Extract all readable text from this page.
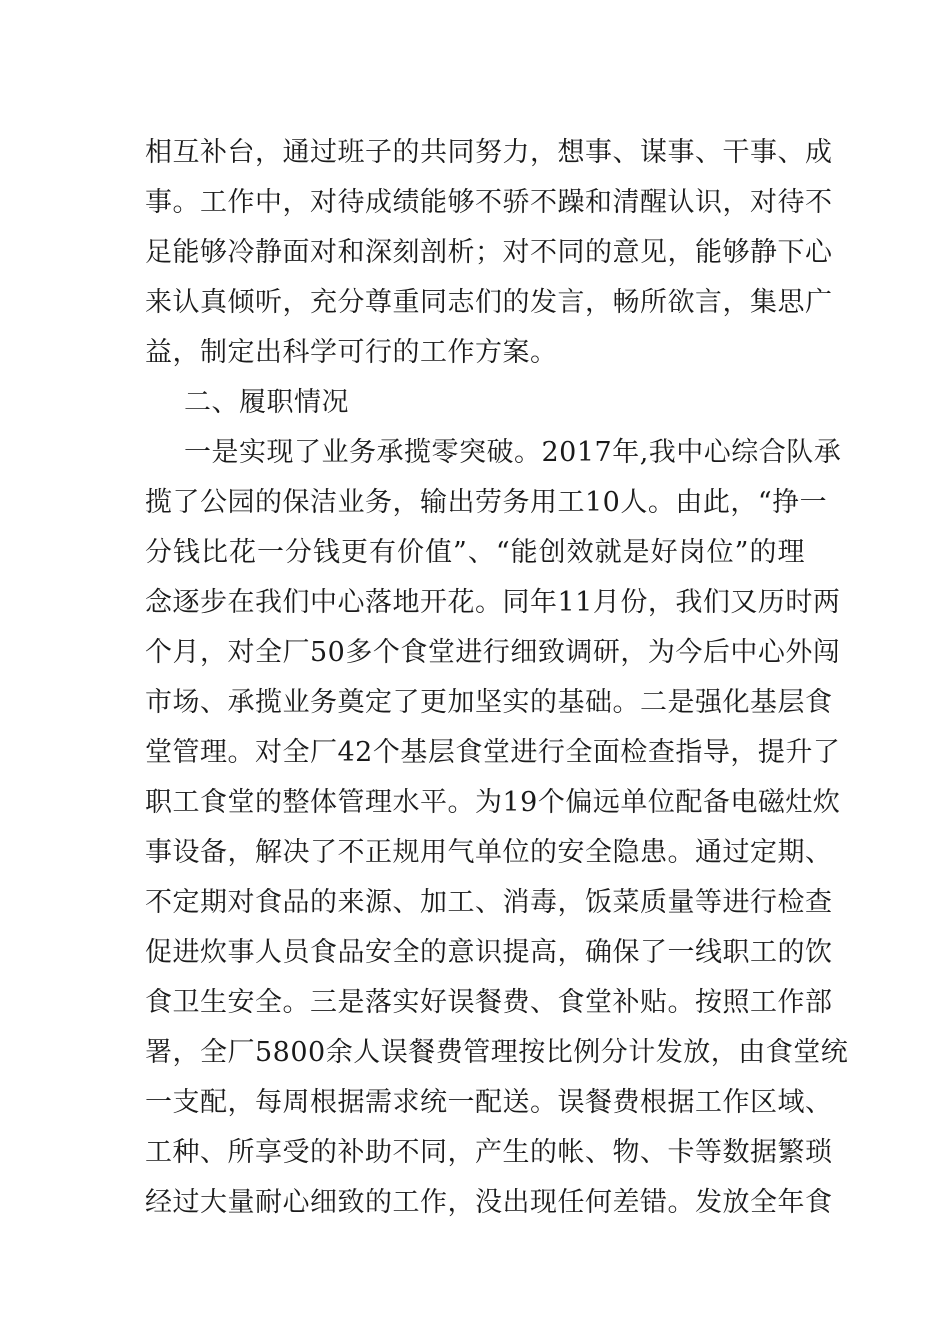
相互补台，通过班子的共同努力，想事、谋事、干事、成
事。工作中，对待成绩能够不骄不躁和清醒认识，对待不
足能够冷静面对和深刻剖析；对不同的意见，能够静下心
来认真倾听，充分尊重同志们的发言，畅所欲言，集思广
益，制定出科学可行的工作方案。
二、履职情况
一是实现了业务承揽零突破。2017年,我中心综合队承
揽了公园的保洁业务，输出劳务用工10人。由此，“挣一
分钱比花一分钱更有价值”、“能创效就是好岗位”的理
念逐步在我们中心落地开花。同年11月份，我们又历时两
个月，对全厂50多个食堂进行细致调研，为今后中心外闯
市场、承揽业务奠定了更加坚实的基础。二是强化基层食
堂管理。对全厂42个基层食堂进行全面检查指导，提升了
职工食堂的整体管理水平。为19个偏远单位配备电磁灶炊
事设备，解决了不正规用气单位的安全隐患。通过定期、
不定期对食品的来源、加工、消毒，饭菜质量等进行检查
促进炊事人员食品安全的意识提高，确保了一线职工的饮
食卫生安全。三是落实好误餐费、食堂补贴。按照工作部
署，全厂5800余人误餐费管理按比例分计发放，由食堂统
一支配，每周根据需求统一配送。误餐费根据工作区域、
工种、所享受的补助不同，产生的帐、物、卡等数据繁琐
经过大量耐心细致的工作，没出现任何差错。发放全年食
